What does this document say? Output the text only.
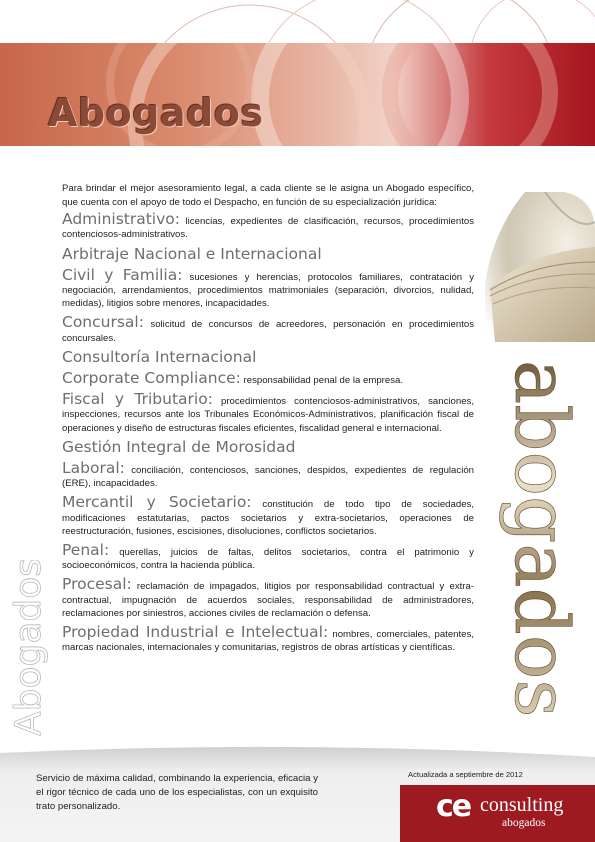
Abogados
abogados
Abogados

Para brindar el mejor asesoramiento legal, a cada cliente se le asigna un Abogado específico, que cuenta con el apoyo de todo el Despacho, en función de su especialización jurídica:

Administrativo: licencias, expedientes de clasificación, recursos, procedimientos contenciosos-administrativos.

Arbitraje Nacional e Internacional

Civil y Familia: sucesiones y herencias, protocolos familiares, contratación y negociación, arrendamientos, procedimientos matrimoniales (separación, divorcios, nulidad, medidas), litigios sobre menores, incapacidades.

Concursal: solicitud de concursos de acreedores, personación en procedimientos concursales.

Consultoría Internacional

Corporate Compliance: responsabilidad penal de la empresa.

Fiscal y Tributario: procedimientos contenciosos-administrativos, sanciones, inspecciones, recursos ante los Tribunales Económicos-Administrativos, planificación fiscal de operaciones y diseño de estructuras fiscales eficientes, fiscalidad general e internacional.

Gestión Integral de Morosidad

Laboral: conciliación, contenciosos, sanciones, despidos, expedientes de regulación (ERE), incapacidades.

Mercantil y Societario: constitución de todo tipo de sociedades, modificaciones estatutarias, pactos societarios y extra-societarios, operaciones de reestructuración, fusiones, escisiones, disoluciones, conflictos societarios.

Penal: querellas, juicios de faltas, delitos societarios, contra el patrimonio y socioeconómicos, contra la hacienda pública.

Procesal: reclamación de impagados, litigios por responsabilidad contractual y extra-contractual, impugnación de acuerdos sociales, responsabilidad de administradores, reclamaciones por siniestros, acciones civiles de reclamación o defensa.

Propiedad Industrial e Intelectual: nombres, comerciales, patentes, marcas nacionales, internacionales y comunitarias, registros de obras artísticas y científicas.

Servicio de máxima calidad, combinando la experiencia, eficacia y el rigor técnico de cada uno de los especialistas, con un exquisito trato personalizado.
Actualizada a septiembre de 2012
ce consulting
abogados
